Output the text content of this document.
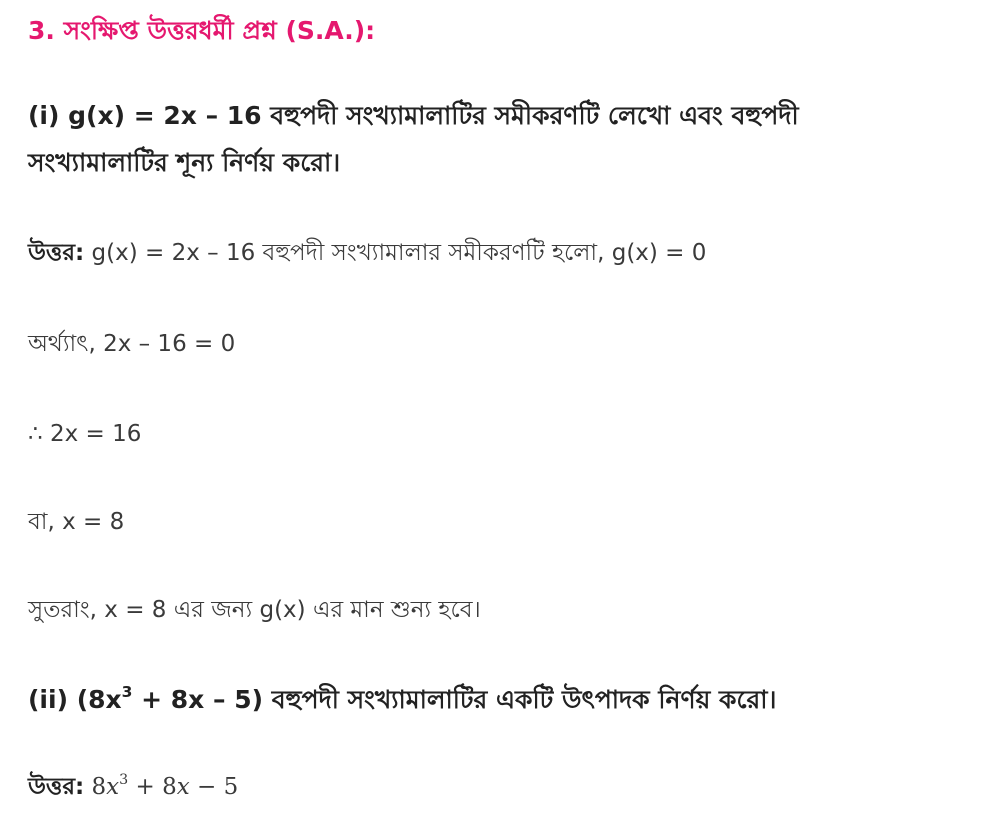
3. সংক্ষিপ্ত উত্তরধর্মী প্রশ্ন (S.A.):
(i) g(x) = 2x – 16 বহুপদী সংখ্যামালাটির সমীকরণটি লেখো এবং বহুপদী
সংখ্যামালাটির শূন্য নির্ণয় করো।
উত্তর: g(x) = 2x – 16 বহুপদী সংখ্যামালার সমীকরণটি হলো, g(x) = 0
অর্থ্যাৎ, 2x – 16 = 0
∴ 2x = 16
বা, x = 8
সুতরাং, x = 8 এর জন্য g(x) এর মান শুন্য হবে।
(ii) $(8x^3 + 8x - 5)$ বহুপদী সংখ্যামালাটির একটি উৎপাদক নির্ণয় করো।
উত্তর: $8x^3 + 8x - 5$
